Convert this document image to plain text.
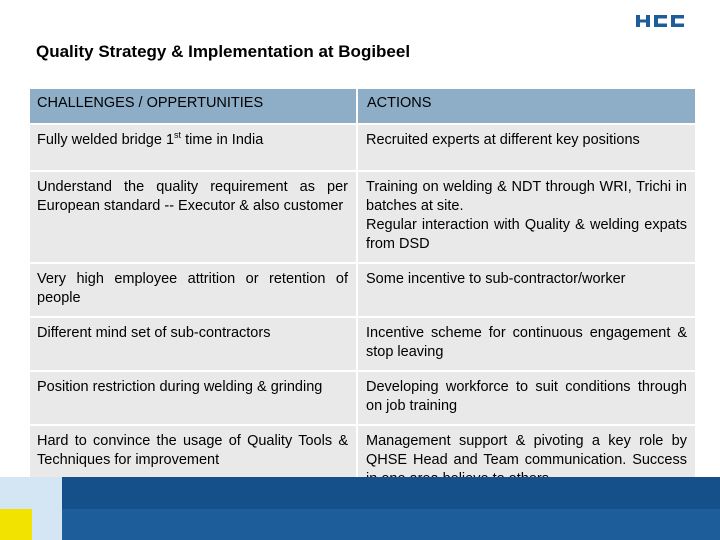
Quality Strategy & Implementation at Bogibeel
CHALLENGES / OPPERTUNITIES	ACTIONS
Fully welded bridge 1st time in India	Recruited experts at different key positions

Understand the quality requirement as per European standard -- Executor & also customer	Training on welding & NDT through WRI, Trichi in batches at site.
Regular interaction with Quality & welding expats from DSD

Very high employee attrition or retention of people	Some incentive to sub-contractor/worker

Different mind set of sub-contractors	Incentive scheme for continuous engagement & stop leaving

Position restriction during welding & grinding	Developing workforce to suit conditions through on job training

Hard to convince the usage of Quality Tools & Techniques for improvement	Management support & pivoting a key role by QHSE Head and Team communication. Success
